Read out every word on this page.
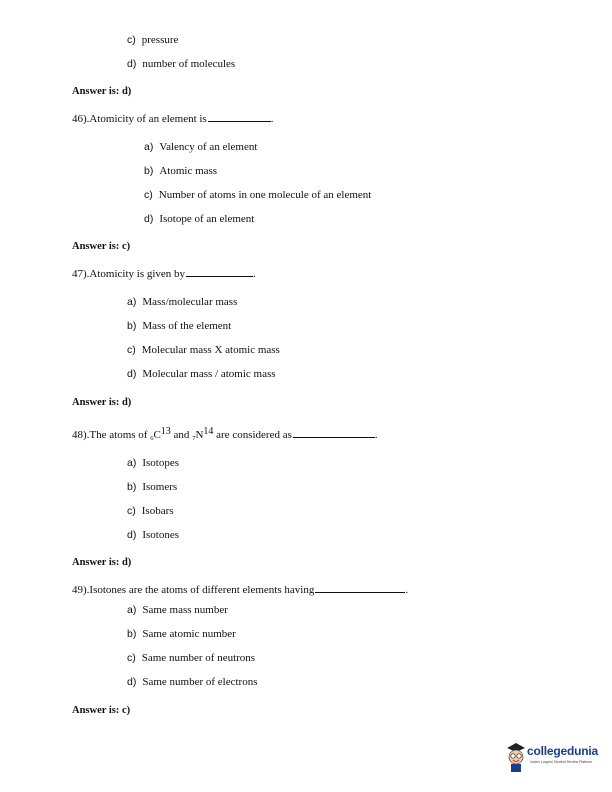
c) pressure
d) number of molecules
Answer is: d)
46).Atomicity of an element is	.
a) Valency of an element
b) Atomic mass
c) Number of atoms in one molecule of an element
d) Isotope of an element
Answer is: c)
47).Atomicity is given by	.
a) Mass/molecular mass
b) Mass of the element
c) Molecular mass X atomic mass
d) Molecular mass / atomic mass
Answer is: d)
48).The atoms of $_6C^{13}$ and $_7N^{14}$ are considered as	.
a) Isotopes
b) Isomers
c) Isobars
d) Isotones
Answer is: d)
49).Isotones are the atoms of different elements having	.
a) Same mass number
b) Same atomic number
c) Same number of neutrons
d) Same number of electrons
Answer is: c)
collegedunia
India's Largest Student Review Platform
